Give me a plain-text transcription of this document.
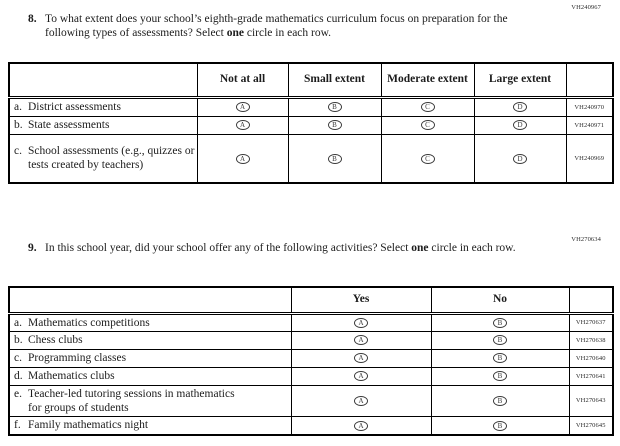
VH240967
8. To what extent does your school’s eighth-grade mathematics curriculum focus on preparation for the following types of assessments? Select one circle in each row.
	Not at all	Small extent	Moderate extent	Large extent	

a. District assessments	A	B	C	D	VH240970

b. State assessments	A	B	C	D	VH240971

c. School assessments (e.g., quizzes or tests created by teachers)	A	B	C	D	VH240969
VH270634
9. In this school year, did your school offer any of the following activities? Select one circle in each row.
	Yes	No	

a. Mathematics competitions	A	B	VH270637

b. Chess clubs	A	B	VH270638

c. Programming classes	A	B	VH270640

d. Mathematics clubs	A	B	VH270641

e. Teacher-led tutoring sessions in mathematics for groups of students	A	B	VH270643

f. Family mathematics night	A	B	VH270645
